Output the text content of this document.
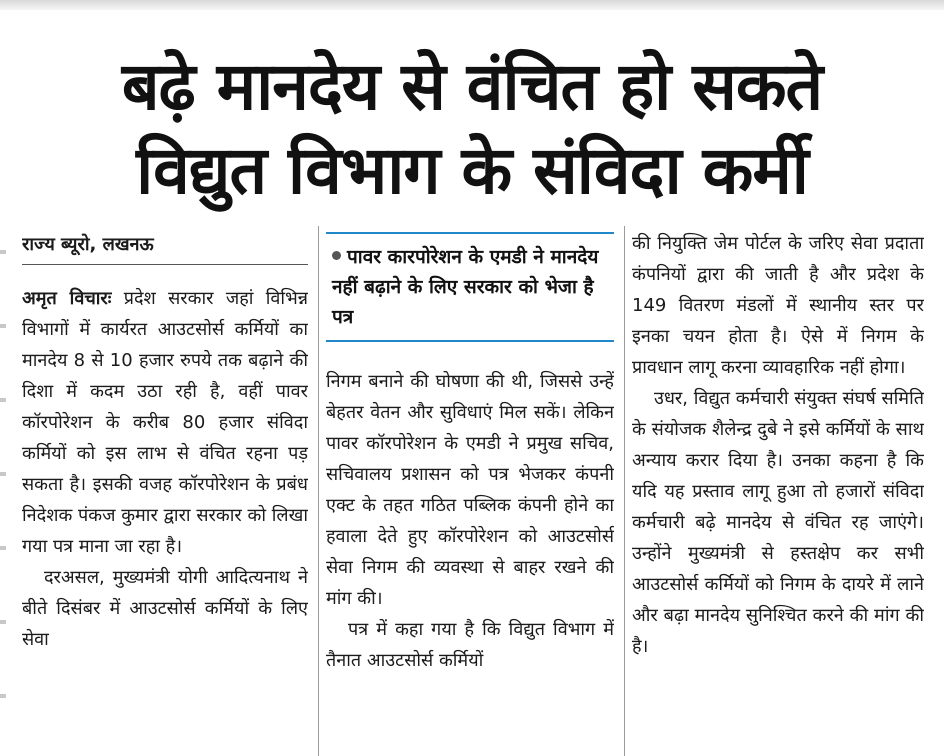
बढ़े मानदेय से वंचित हो सकते
विद्युत विभाग के संविदा कर्मी
राज्य ब्यूरो, लखनऊ

अमृत विचारः प्रदेश सरकार जहां विभिन्न विभागों में कार्यरत आउटसोर्स कर्मियों का मानदेय 8 से 10 हजार रुपये तक बढ़ाने की दिशा में कदम उठा रही है, वहीं पावर कॉरपोरेशन के करीब 80 हजार संविदा कर्मियों को इस लाभ से वंचित रहना पड़ सकता है। इसकी वजह कॉरपोरेशन के प्रबंध निदेशक पंकज कुमार द्वारा सरकार को लिखा गया पत्र माना जा रहा है।

दरअसल, मुख्यमंत्री योगी आदित्यनाथ ने बीते दिसंबर में आउटसोर्स कर्मियों के लिए सेवा

पावर कारपोरेशन के एमडी ने मानदेय नहीं बढ़ाने के लिए सरकार को भेजा है पत्र

निगम बनाने की घोषणा की थी, जिससे उन्हें बेहतर वेतन और सुविधाएं मिल सकें। लेकिन पावर कॉरपोरेशन के एमडी ने प्रमुख सचिव, सचिवालय प्रशासन को पत्र भेजकर कंपनी एक्ट के तहत गठित पब्लिक कंपनी होने का हवाला देते हुए कॉरपोरेशन को आउटसोर्स सेवा निगम की व्यवस्था से बाहर रखने की मांग की।

पत्र में कहा गया है कि विद्युत विभाग में तैनात आउटसोर्स कर्मियों

की नियुक्ति जेम पोर्टल के जरिए सेवा प्रदाता कंपनियों द्वारा की जाती है और प्रदेश के 149 वितरण मंडलों में स्थानीय स्तर पर इनका चयन होता है। ऐसे में निगम के प्रावधान लागू करना व्यावहारिक नहीं होगा।

उधर, विद्युत कर्मचारी संयुक्त संघर्ष समिति के संयोजक शैलेन्द्र दुबे ने इसे कर्मियों के साथ अन्याय करार दिया है। उनका कहना है कि यदि यह प्रस्ताव लागू हुआ तो हजारों संविदा कर्मचारी बढ़े मानदेय से वंचित रह जाएंगे। उन्होंने मुख्यमंत्री से हस्तक्षेप कर सभी आउटसोर्स कर्मियों को निगम के दायरे में लाने और बढ़ा मानदेय सुनिश्चित करने की मांग की है।
